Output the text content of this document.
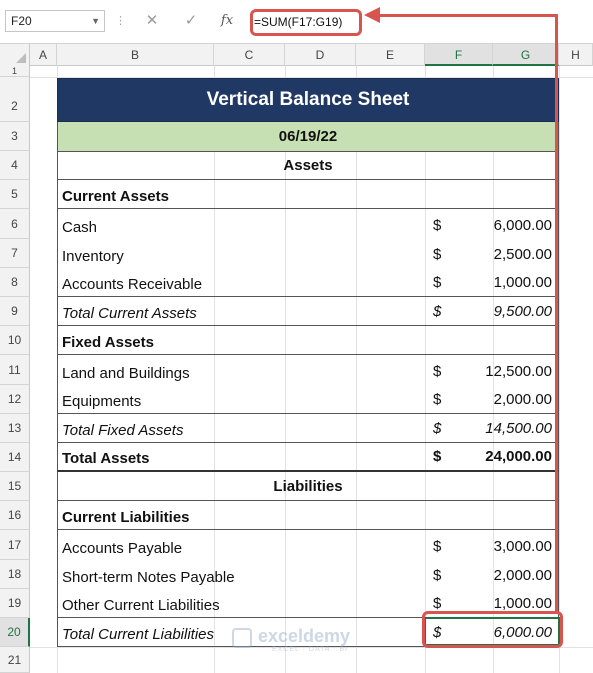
F20	▼ ⋮	✕	✓	fx	=SUM(F17:G19)
A	B	C	D	E	F	G	H
1
2
3
4
5
6
7
8
9
10
11
12
13
14
15
16
17
18
19
20
21
Vertical Balance Sheet
06/19/22
Assets
Current Assets
Cash	$	6,000.00
Inventory	$	2,500.00
Accounts Receivable	$	1,000.00
Total Current Assets	$	9,500.00
Fixed Assets
Land and Buildings	$	12,500.00
Equipments	$	2,000.00
Total Fixed Assets	$	14,500.00
Total Assets	$	24,000.00
Liabilities
Current Liabilities
Accounts Payable	$	3,000.00
Short-term Notes Payable	$	2,000.00
Other Current Liabilities	$	1,000.00
Total Current Liabilities	$	6,000.00
exceldemy
EXCEL · DATA · BI
